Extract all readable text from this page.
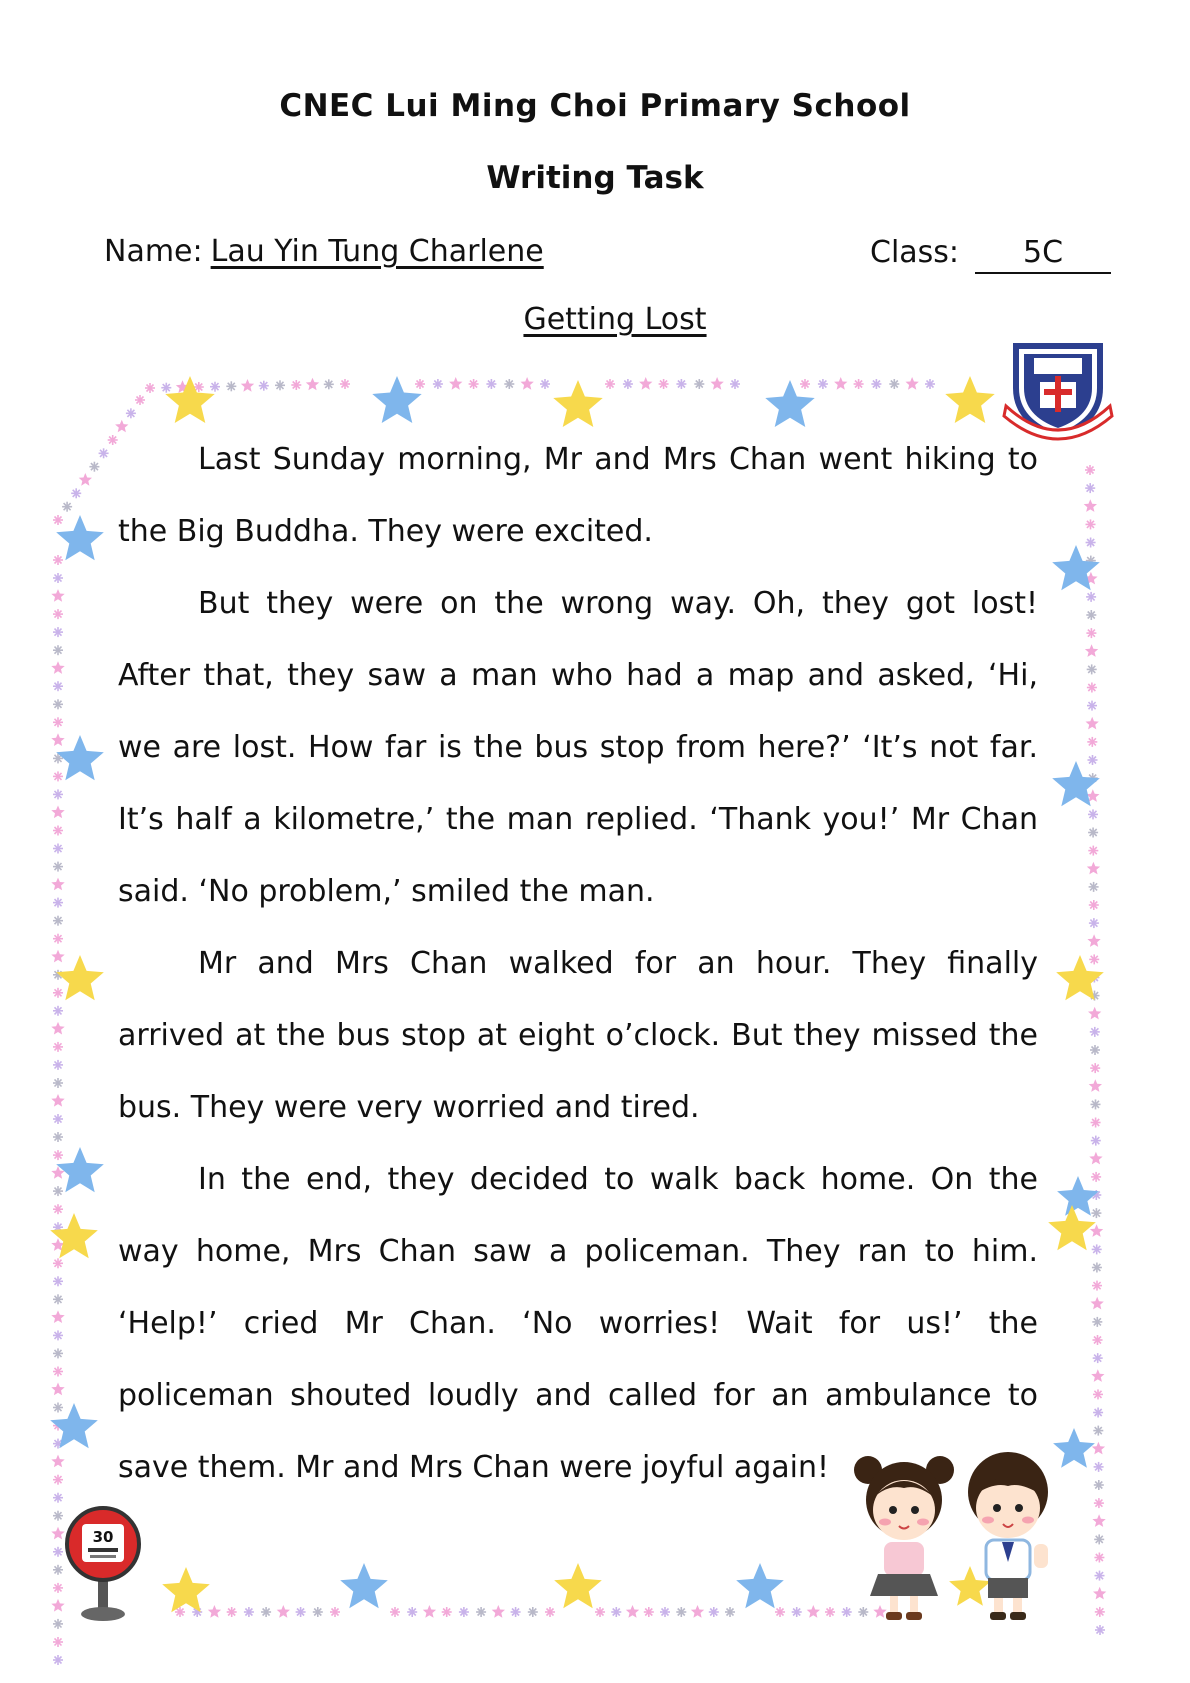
CNEC Lui Ming Choi Primary School
Writing Task
Name: Lau Yin Tung Charlene	Class: 5C
Getting Lost

Last Sunday morning, Mr and Mrs Chan went hiking to the Big Buddha. They were excited.

But they were on the wrong way. Oh, they got lost! After that, they saw a man who had a map and asked, ‘Hi, we are lost. How far is the bus stop from here?’ ‘It’s not far. It’s half a kilometre,’ the man replied. ‘Thank you!’ Mr Chan said. ‘No problem,’ smiled the man.

Mr and Mrs Chan walked for an hour. They finally arrived at the bus stop at eight o’clock. But they missed the bus. They were very worried and tired.

In the end, they decided to walk back home. On the way home, Mrs Chan saw a policeman. They ran to him. ‘Help!’ cried Mr Chan. ‘No worries! Wait for us!’ the policeman shouted loudly and called for an ambulance to save them. Mr and Mrs Chan were joyful again!

30
